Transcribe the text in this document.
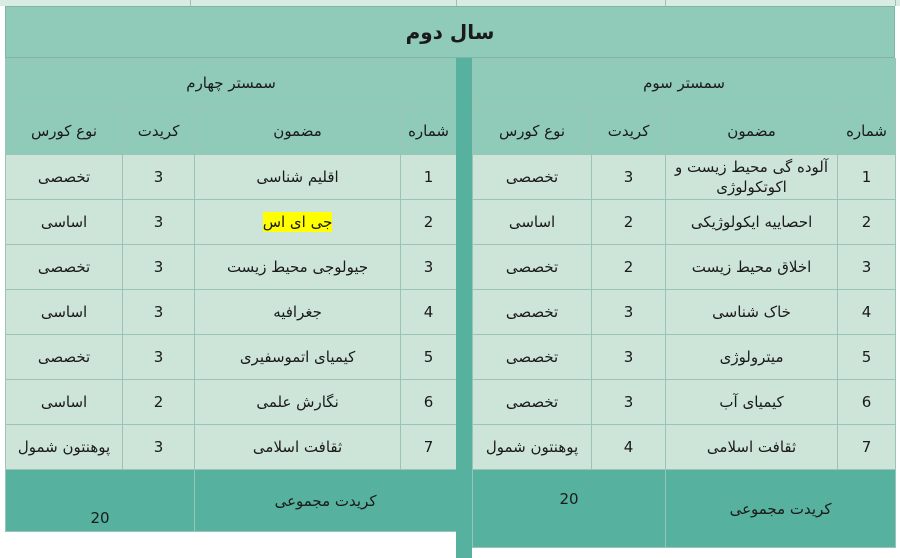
سال دوم
سمستر چهارم			
شماره	مضمون	کریدت	نوع کورس
1	اقلیم شناسی	3	تخصصی
2	جی ای اس	3	اساسی
3	جیولوجی محیط زیست	3	تخصصی
4	جغرافیه	3	اساسی
5	کیمیای اتموسفیری	3	تخصصی
6	نگارش علمی	2	اساسی
7	ثقافت اسلامی	3	پوهنتون شمول
کریدت مجموعی		20	
سمستر سوم			
شماره	مضمون	کریدت	نوع کورس
1	آلوده گی محیط زیست و اکوتکولوژی	3	تخصصی
2	احصاییه ایکولوژیکی	2	اساسی
3	اخلاق محیط زیست	2	تخصصی
4	خاک شناسی	3	تخصصی
5	میترولوژی	3	تخصصی
6	کیمیای آب	3	تخصصی
7	ثقافت اسلامی	4	پوهنتون شمول
کریدت مجموعی		20	
